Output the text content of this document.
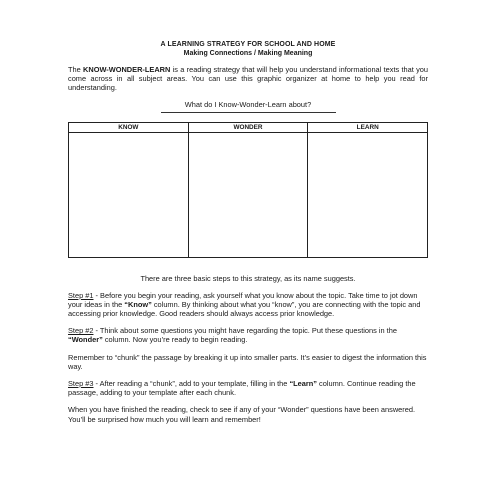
A LEARNING STRATEGY FOR SCHOOL AND HOME
Making Connections / Making Meaning
The KNOW-WONDER-LEARN is a reading strategy that will help you understand informational texts that you come across in all subject areas. You can use this graphic organizer at home to help you read for understanding.
What do I Know-Wonder-Learn about?
KNOW	WONDER	LEARN
There are three basic steps to this strategy, as its name suggests.
Step #1 - Before you begin your reading, ask yourself what you know about the topic. Take time to jot down your ideas in the “Know” column. By thinking about what you “know”, you are connecting with the topic and accessing prior knowledge. Good readers should always access prior knowledge.
Step #2 - Think about some questions you might have regarding the topic. Put these questions in the “Wonder” column. Now you’re ready to begin reading.
Remember to “chunk” the passage by breaking it up into smaller parts. It’s easier to digest the information this way.
Step #3 - After reading a “chunk”, add to your template, filling in the “Learn” column. Continue reading the passage, adding to your template after each chunk.
When you have finished the reading, check to see if any of your “Wonder” questions have been answered. You’ll be surprised how much you will learn and remember!
